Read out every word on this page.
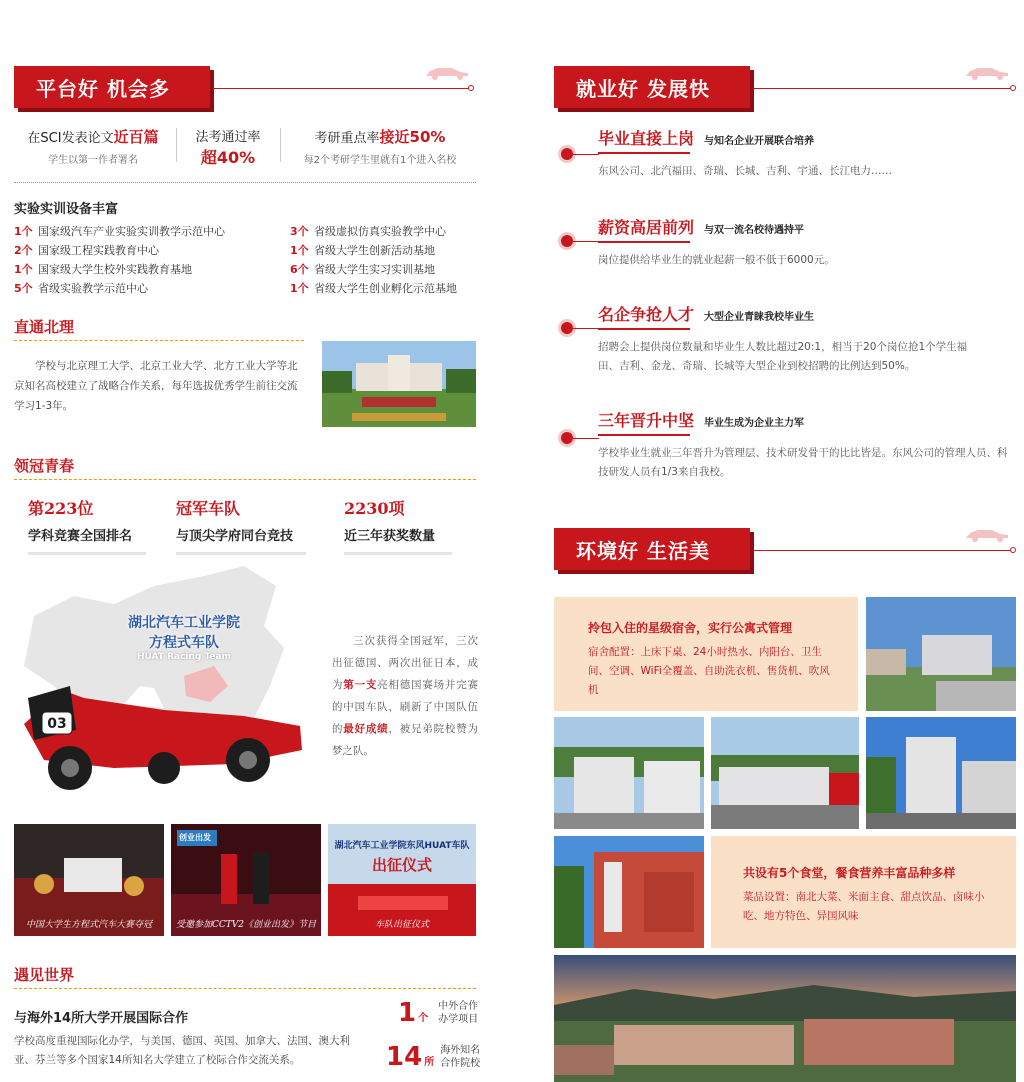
平台好 机会多
在SCI发表论文近百篇
学生以第一作者署名
法考通过率
超40%
考研重点率接近50%
每2个考研学生里就有1个进入名校
实验实训设备丰富
1个 国家级汽车产业实验实训教学示范中心
2个 国家级工程实践教育中心
1个 国家级大学生校外实践教育基地
5个 省级实验教学示范中心
3个 省级虚拟仿真实验教学中心
1个 省级大学生创新活动基地
6个 省级大学生实习实训基地
1个 省级大学生创业孵化示范基地
直通北理
学校与北京理工大学、北京工业大学、北方工业大学等北京知名高校建立了战略合作关系，每年选拔优秀学生前往交流学习1-3年。
领冠青春
第223位
学科竞赛全国排名
冠军车队
与顶尖学府同台竞技
2230项
近三年获奖数量
湖北汽车工业学院
方程式车队
HUAT Racing Team
03
三次获得全国冠军，三次出征德国、两次出征日本，成为第一支亮相德国赛场并完赛的中国车队，刷新了中国队伍的最好成绩，被兄弟院校赞为梦之队。
中国大学生方程式汽车大赛夺冠
创业出发
受邀参加CCTV2《创业出发》节目
湖北汽车工业学院东风HUAT车队
出征仪式
车队出征仪式
遇见世界
与海外14所大学开展国际合作
学校高度重视国际化办学，与美国、德国、英国、加拿大、法国、澳大利亚、芬兰等多个国家14所知名大学建立了校际合作交流关系。
1 个
中外合作
办学项目
14 所
海外知名
合作院校
就业好 发展快
毕业直接上岗 与知名企业开展联合培养
东风公司、北汽福田、奇瑞、长城、吉利、宇通、长江电力……
薪资高居前列 与双一流名校待遇持平
岗位提供给毕业生的就业起薪一般不低于6000元。
名企争抢人才 大型企业青睐我校毕业生
招聘会上提供岗位数量和毕业生人数比超过20:1，相当于20个岗位抢1个学生福田、吉利、金龙、奇瑞、长城等大型企业到校招聘的比例达到50%。
三年晋升中坚 毕业生成为企业主力军
学校毕业生就业三年晋升为管理层、技术研发骨干的比比皆是。东风公司的管理人员、科技研发人员有1/3来自我校。
环境好 生活美
拎包入住的星级宿舍，实行公寓式管理
宿舍配置：上床下桌、24小时热水、内阳台、卫生间、空调、WiFi全覆盖、自助洗衣机、售货机、吹风机
共设有5个食堂，餐食营养丰富品种多样
菜品设置：南北大菜、米面主食、甜点饮品、卤味小吃、地方特色、异国风味
